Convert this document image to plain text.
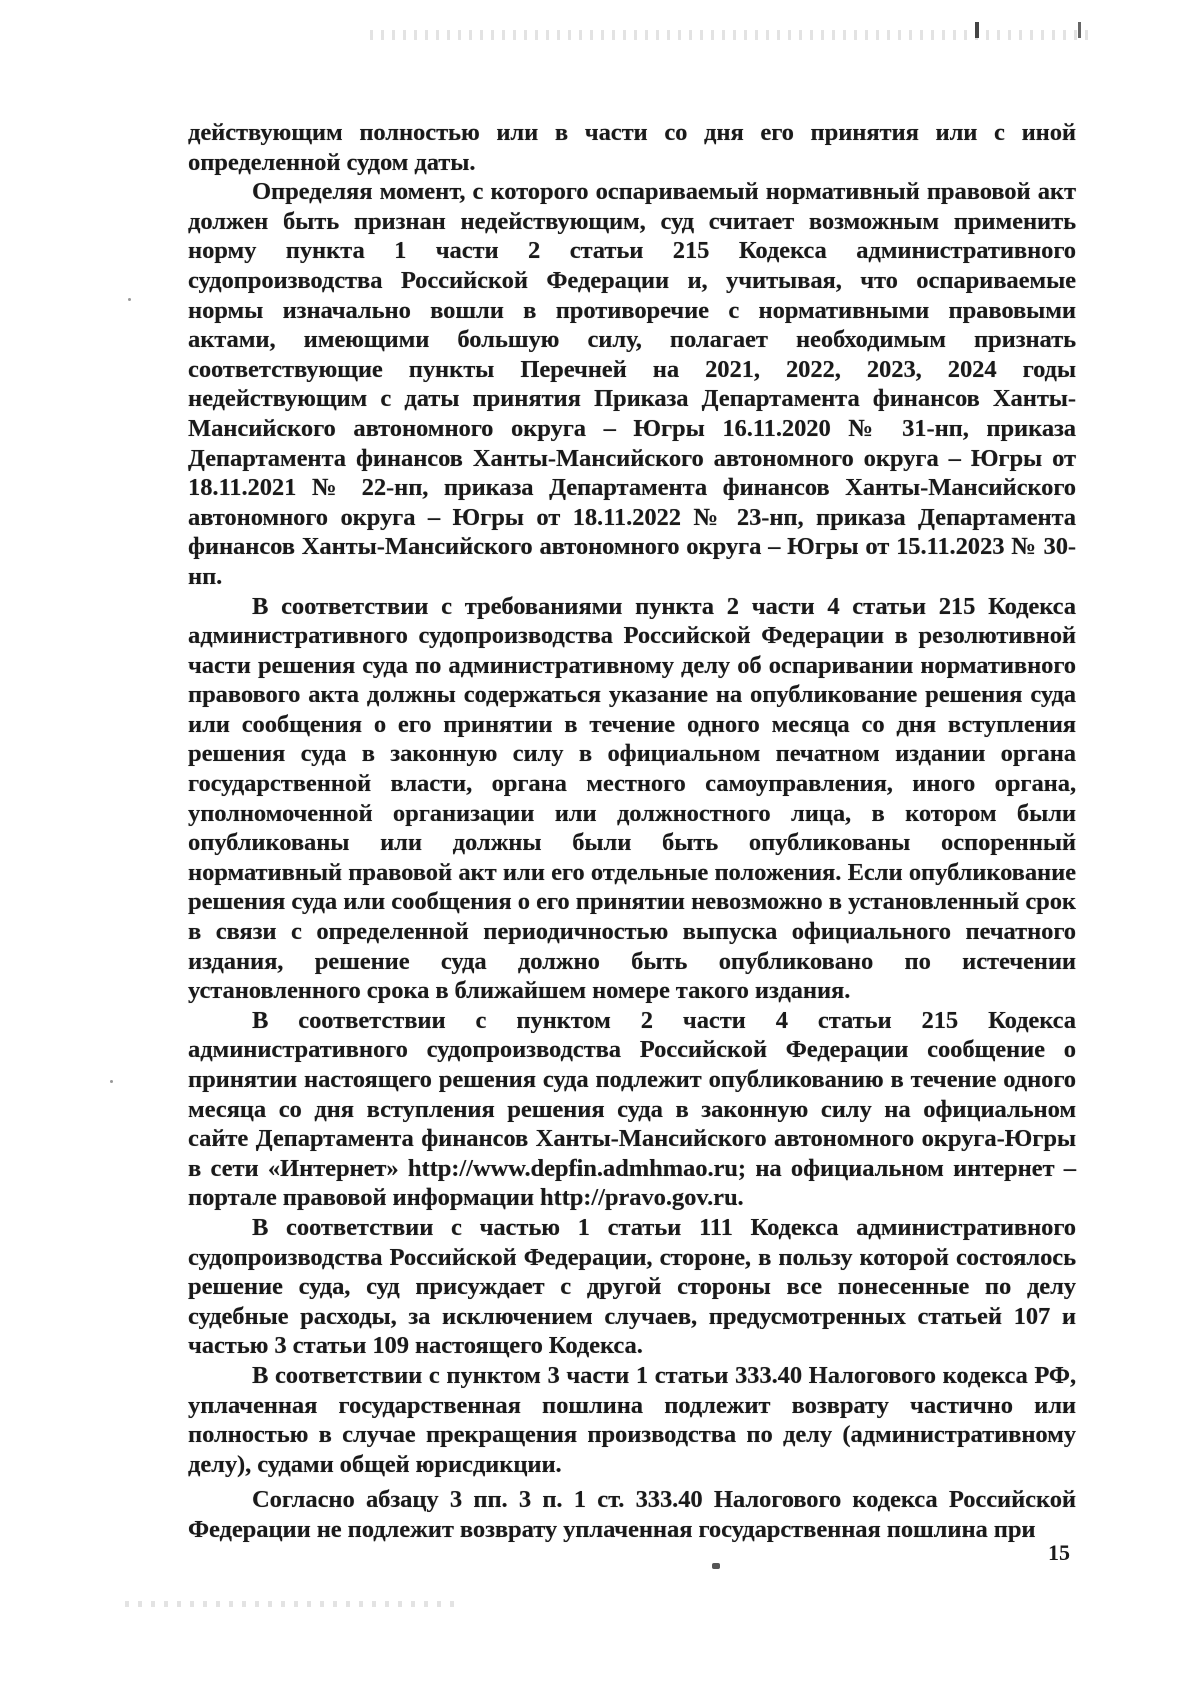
действующим полностью или в части со дня его принятия или с иной определенной судом даты.

Определяя момент, с которого оспариваемый нормативный правовой акт должен быть признан недействующим, суд считает возможным применить норму пункта 1 части 2 статьи 215 Кодекса административного судопроизводства Российской Федерации и, учитывая, что оспариваемые нормы изначально вошли в противоречие с нормативными правовыми актами, имеющими большую силу, полагает необходимым признать соответствующие пункты Перечней на 2021, 2022, 2023, 2024 годы недействующим с даты принятия Приказа Департамента финансов Ханты-Мансийского автономного округа – Югры 16.11.2020 № 31-нп, приказа Департамента финансов Ханты-Мансийского автономного округа – Югры от 18.11.2021 № 22-нп, приказа Департамента финансов Ханты-Мансийского автономного округа – Югры от 18.11.2022 № 23-нп, приказа Департамента финансов Ханты-Мансийского автономного округа – Югры от 15.11.2023 № 30-нп.

В соответствии с требованиями пункта 2 части 4 статьи 215 Кодекса административного судопроизводства Российской Федерации в резолютивной части решения суда по административному делу об оспаривании нормативного правового акта должны содержаться указание на опубликование решения суда или сообщения о его принятии в течение одного месяца со дня вступления решения суда в законную силу в официальном печатном издании органа государственной власти, органа местного самоуправления, иного органа, уполномоченной организации или должностного лица, в котором были опубликованы или должны были быть опубликованы оспоренный нормативный правовой акт или его отдельные положения. Если опубликование решения суда или сообщения о его принятии невозможно в установленный срок в связи с определенной периодичностью выпуска официального печатного издания, решение суда должно быть опубликовано по истечении установленного срока в ближайшем номере такого издания.

В соответствии с пунктом 2 части 4 статьи 215 Кодекса административного судопроизводства Российской Федерации сообщение о принятии настоящего решения суда подлежит опубликованию в течение одного месяца со дня вступления решения суда в законную силу на официальном сайте Департамента финансов Ханты-Мансийского автономного округа-Югры в сети «Интернет» http://www.depfin.admhmao.ru; на официальном интернет – портале правовой информации http://pravo.gov.ru.

В соответствии с частью 1 статьи 111 Кодекса административного судопроизводства Российской Федерации, стороне, в пользу которой состоялось решение суда, суд присуждает с другой стороны все понесенные по делу судебные расходы, за исключением случаев, предусмотренных статьей 107 и частью 3 статьи 109 настоящего Кодекса.

В соответствии с пунктом 3 части 1 статьи 333.40 Налогового кодекса РФ, уплаченная государственная пошлина подлежит возврату частично или полностью в случае прекращения производства по делу (административному делу), судами общей юрисдикции.

Согласно абзацу 3 пп. 3 п. 1 ст. 333.40 Налогового кодекса Российской Федерации не подлежит возврату уплаченная государственная пошлина при

15
